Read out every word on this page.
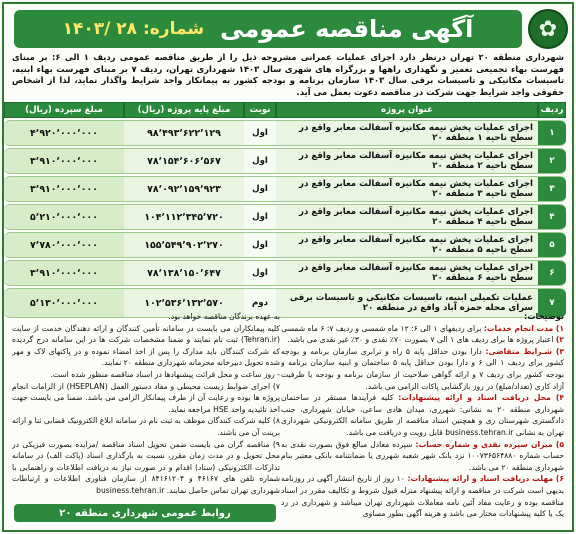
✿
آگهی مناقصه عمومی
شماره: ۲۸ /۱۴۰۳
شهرداری منطقه ۲۰ تهران درنظر دارد اجرای عملیات عمرانی مشروحه ذیل را از طریق مناقصه عمومی ردیف ۱ الی ۶: بر مبنای فهرست بهاء تجمیعی تعمیر و نگهداری راهها و بزرگراه های شهری سال ۱۴۰۳ شهرداری تهران، ردیف ۷ بر مبنای فهرست بهاء ابنیه، تاسیسات مکانیکی و تاسیسات برقی سال ۱۴۰۳ سازمان برنامه و بودجه کشور به پیمانکار واجد شرایط واگذار نماید، لذا از اشخاص حقوقی واجد شرایط جهت شرکت در مناقصه دعوت بعمل می آید.
ردیف	عنوان پروژه	نوبت	مبلغ پایه پروژه (ریال)	مبلغ سپرده (ریال)
۱	اجرای عملیات پخش نیمه مکانیزه آسفالت معابر واقع در سطح ناحیه ۱ منطقه ۲۰	اول	۹۸٬۴۹۳٬۶۲۲٬۱۲۹	۴٬۹۲۰٬۰۰۰٬۰۰۰
۲	اجرای عملیات پخش نیمه مکانیزه آسفالت معابر واقع در سطح ناحیه ۲ منطقه ۲۰	اول	۷۸٬۱۵۴٬۶۰۶٬۵۶۷	۳٬۹۱۰٬۰۰۰٬۰۰۰
۳	اجرای عملیات پخش نیمه مکانیزه آسفالت معابر واقع در سطح ناحیه ۳ منطقه ۲۰	اول	۷۸٬۰۹۲٬۱۵۹٬۹۲۳	۳٬۹۱۰٬۰۰۰٬۰۰۰
۴	اجرای عملیات پخش نیمه مکانیزه آسفالت معابر واقع در سطح ناحیه ۴ منطقه ۲۰	اول	۱۰۴٬۱۱۲٬۳۴۵٬۷۲۰	۵٬۲۱۰٬۰۰۰٬۰۰۰
۵	اجرای عملیات پخش نیمه مکانیزه آسفالت معابر واقع در سطح ناحیه ۵ منطقه ۲۰	اول	۱۵۵٬۵۴۹٬۹۰۲٬۲۷۰	۷٬۷۸۰٬۰۰۰٬۰۰۰
۶	اجرای عملیات پخش نیمه مکانیزه آسفالت معابر واقع در سطح ناحیه ۶ منطقه ۲۰	اول	۷۸٬۱۳۸٬۱۵۰٬۶۴۷	۳٬۹۱۰٬۰۰۰٬۰۰۰
۷	عملیات تکمیلی ابنیه، تاسیسات مکانیکی و تاسیسات برقی سرای محله حمزه آباد واقع در منطقه ۲۰	دوم	۱۰۲٬۵۳۶٬۱۳۲٬۵۷۰	۵٬۱۳۰٬۰۰۰٬۰۰۰

توضیحات:

۱) مدت انجام خدمات: برای ردیفهای ۱ الی ۶: ۱۲ ماه شمسی و ردیف ۷: ۶ ماه شمسی

۲) اعتبار پروژه ها برای ردیف های ۱ الی ۷ بصورت ۷۰٪ نقدی و ۳۰٪ غیر نقدی می باشد.

۳) شـرایط متقاضی: دارا بودن حداقل پایه ۵ راه و ترابری سازمان برنامه و بودجه کشور برای ردیف ۱ الی ۶ و دارا بودن حداقل پایه ۵ ساختمان و ابنیه سازمان برنامه و بودجه کشور برای ردیف ۷ و ارائه گواهی صلاحیت از سازمان برنامه و بودجه با ظرفیت آزاد کاری (تعداد/مبلغ) در روز بازگشایی پاکات الزامی می باشد.

۴) محل دریافت اسناد و ارائه پیشنهادات: کلیه فرآیندها مستقر در ساختمان شهرداری منطقه ۲۰ به نشانی: شهرری، میدان هادی ساعی، خیابان شهرداری، جنب دادگستری شهرستان ری و همچنین اسناد مناقصه از طریق سامانه الکترونیکی شهرداری تهران به نشانی business.tehran.ir قابل رویت و دریافت می باشد.

۵) میزان سپرده نقدی و شماره حساب: سپرده معادل مبالغ فوق بصورت نقدی به حساب شماره ۱۰۰۷۳۶۵۶۴۸۸۰ نزد بانک شهر شعبه شهرری یا ضمانتنامه بانکی معتبر بنام شهرداری منطقه ۲۰ می باشد.

۶) مهلت دریافت اسناد و ارائه پیشنهادات: ۱۰ روز از تاریخ انتشار آگهی در روزنامه بدیهی است شرکت در مناقصه و ارائه پیشنهاد منزله قبول شروط و تکالیف مقرر در اسناد مناقصه بوده و رعایت مفاد آئین نامه معاملات شهرداری تهران میباشد و شهرداری در رد یک یا کلیه پیشنهادات مختار می باشد و هزینه آگهی بطور مساوی

به عهده برندگان مناقصه خواهد بود.

کلیه پیمانکاران می بایست در سامانه تأمین کنندگان و ارائه دهندگان خدمت از سایت (Tehran.ir) ثبت نام نمایند و ضمنا مشخصات شرکت ها در این سامانه درج گردیده که شرکت کنندگان باید مدارک را پس از اخذ امضاء نموده و در پاکتهای لاک و مهر شده تحویل دبیرخانه محرمانه شهرداری منطقه ۲۰ نمایند.

- روز ساعت و محل قرائت پیشنهادها در اسناد مناقصه منظور شده است.

۷) اجرای ضوابط زیست محیطی و مفاد دستور العمل (HSEPLAN) از الزامات انجام پروژه ها بوده و رعایت آن از طرف پیمانکار الزامی می باشد. ضمنا می بایست جهت اخذ تائیدیه واحد HSE مراجعه نماید.

۸) کلیه شرکت کنندگان موظف به ثبت نام در سامانه ابلاغ الکترونیک قضایی ثنا و ارائه برینت آن می باشند.

۹) مناقصه گران می بایست ضمن تحویل اسناد مناقصه /مزایده بصورت فیزیکی در محل تحویل و در مدت زمان مقرر، نسبت به بارگذاری اسناد (پاکت الف) در سامانه تدارکات الکترونیکی (ستاد) اقدام و در صورت نیاز به دریافت اطلاعات و راهنمایی با شماره تلفن های ۴۶۱۶۷ و ۸۴۱۶۱۲۰۴ از سازمان فناوری اطلاعات و ارتباطات شهرداری تهران تماس حاصل نمایند. business.tehran.ir

روابط عمومی شهرداری منطقه ۲۰
